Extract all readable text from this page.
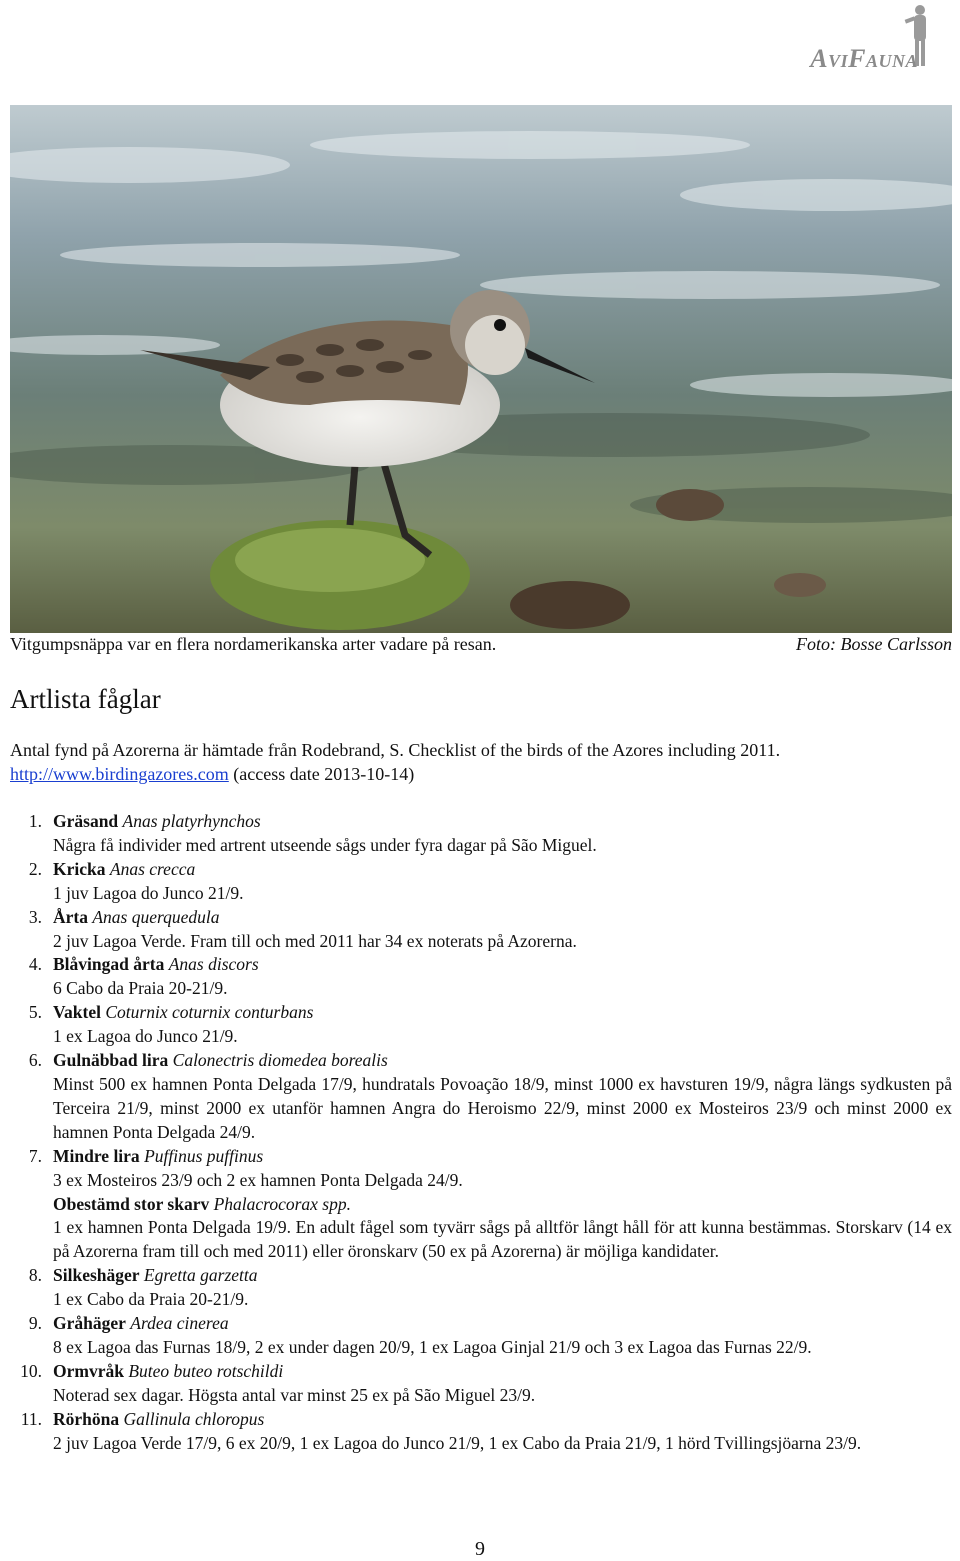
AviFauna
Vitgumpsnäppa var en flera nordamerikanska arter vadare på resan.	Foto: Bosse Carlsson
Artlista fåglar
Antal fynd på Azorerna är hämtade från Rodebrand, S. Checklist of the birds of the Azores including 2011.
http://www.birdingazores.com (access date 2013-10-14)
1. Gräsand Anas platyrhynchos
Några få individer med artrent utseende sågs under fyra dagar på São Miguel.
2. Kricka Anas crecca
1 juv Lagoa do Junco 21/9.
3. Årta Anas querquedula
2 juv Lagoa Verde. Fram till och med 2011 har 34 ex noterats på Azorerna.
4. Blåvingad årta Anas discors
6 Cabo da Praia 20-21/9.
5. Vaktel Coturnix coturnix conturbans
1 ex Lagoa do Junco 21/9.
6. Gulnäbbad lira Calonectris diomedea borealis
Minst 500 ex hamnen Ponta Delgada 17/9, hundratals Povoação 18/9, minst 1000 ex havsturen 19/9, några längs sydkusten på Terceira 21/9, minst 2000 ex utanför hamnen Angra do Heroismo 22/9, minst 2000 ex Mosteiros 23/9 och minst 2000 ex hamnen Ponta Delgada 24/9.
7. Mindre lira Puffinus puffinus
3 ex Mosteiros 23/9 och 2 ex hamnen Ponta Delgada 24/9.
Obestämd stor skarv Phalacrocorax spp.
1 ex hamnen Ponta Delgada 19/9. En adult fågel som tyvärr sågs på alltför långt håll för att kunna bestämmas. Storskarv (14 ex på Azorerna fram till och med 2011) eller öronskarv (50 ex på Azorerna) är möjliga kandidater.
8. Silkeshäger Egretta garzetta
1 ex Cabo da Praia 20-21/9.
9. Gråhäger Ardea cinerea
8 ex Lagoa das Furnas 18/9, 2 ex under dagen 20/9, 1 ex Lagoa Ginjal 21/9 och 3 ex Lagoa das Furnas 22/9.
10. Ormvråk Buteo buteo rotschildi
Noterad sex dagar. Högsta antal var minst 25 ex på São Miguel 23/9.
11. Rörhöna Gallinula chloropus
2 juv Lagoa Verde 17/9, 6 ex 20/9, 1 ex Lagoa do Junco 21/9, 1 ex Cabo da Praia 21/9, 1 hörd Tvillingsjöarna 23/9.
9
